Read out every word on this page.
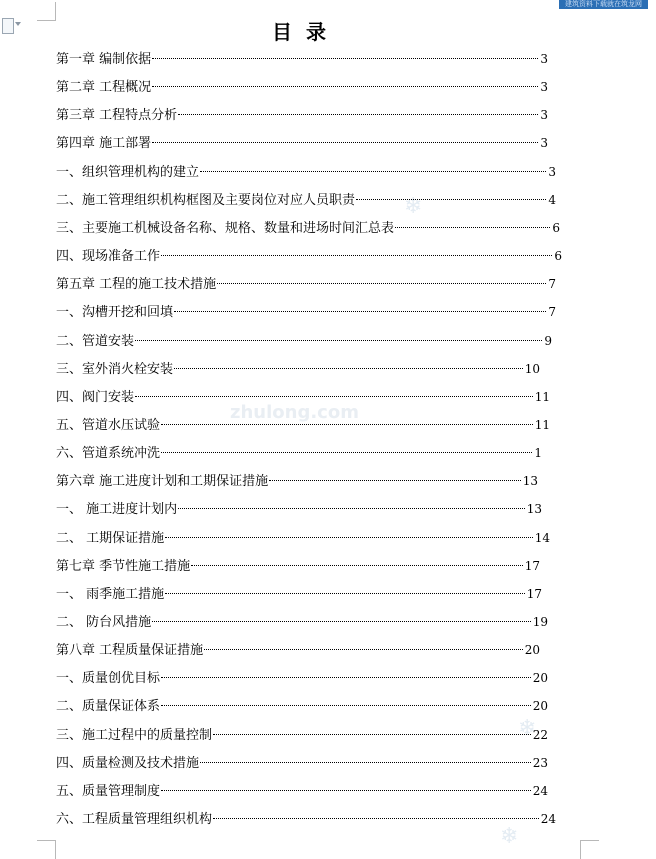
建筑资料下载就在筑龙网
zhulong.com
❄
❄
❄
目录
第一章 编制依据	3
第二章 工程概况	3
第三章 工程特点分析	3
第四章 施工部署	3
一、组织管理机构的建立	3
二、施工管理组织机构框图及主要岗位对应人员职责	4
三、主要施工机械设备名称、规格、数量和进场时间汇总表	6
四、现场准备工作	6
第五章 工程的施工技术措施	7
一、沟槽开挖和回填	7
二、管道安装	9
三、室外消火栓安装	10
四、阀门安装	11
五、管道水压试验	11
六、管道系统冲洗	1
第六章 施工进度计划和工期保证措施	13
一、 施工进度计划内	13
二、 工期保证措施	14
第七章 季节性施工措施	17
一、 雨季施工措施	17
二、 防台风措施	19
第八章 工程质量保证措施	20
一、质量创优目标	20
二、质量保证体系	20
三、施工过程中的质量控制	22
四、质量检测及技术措施	23
五、质量管理制度	24
六、工程质量管理组织机构	24
